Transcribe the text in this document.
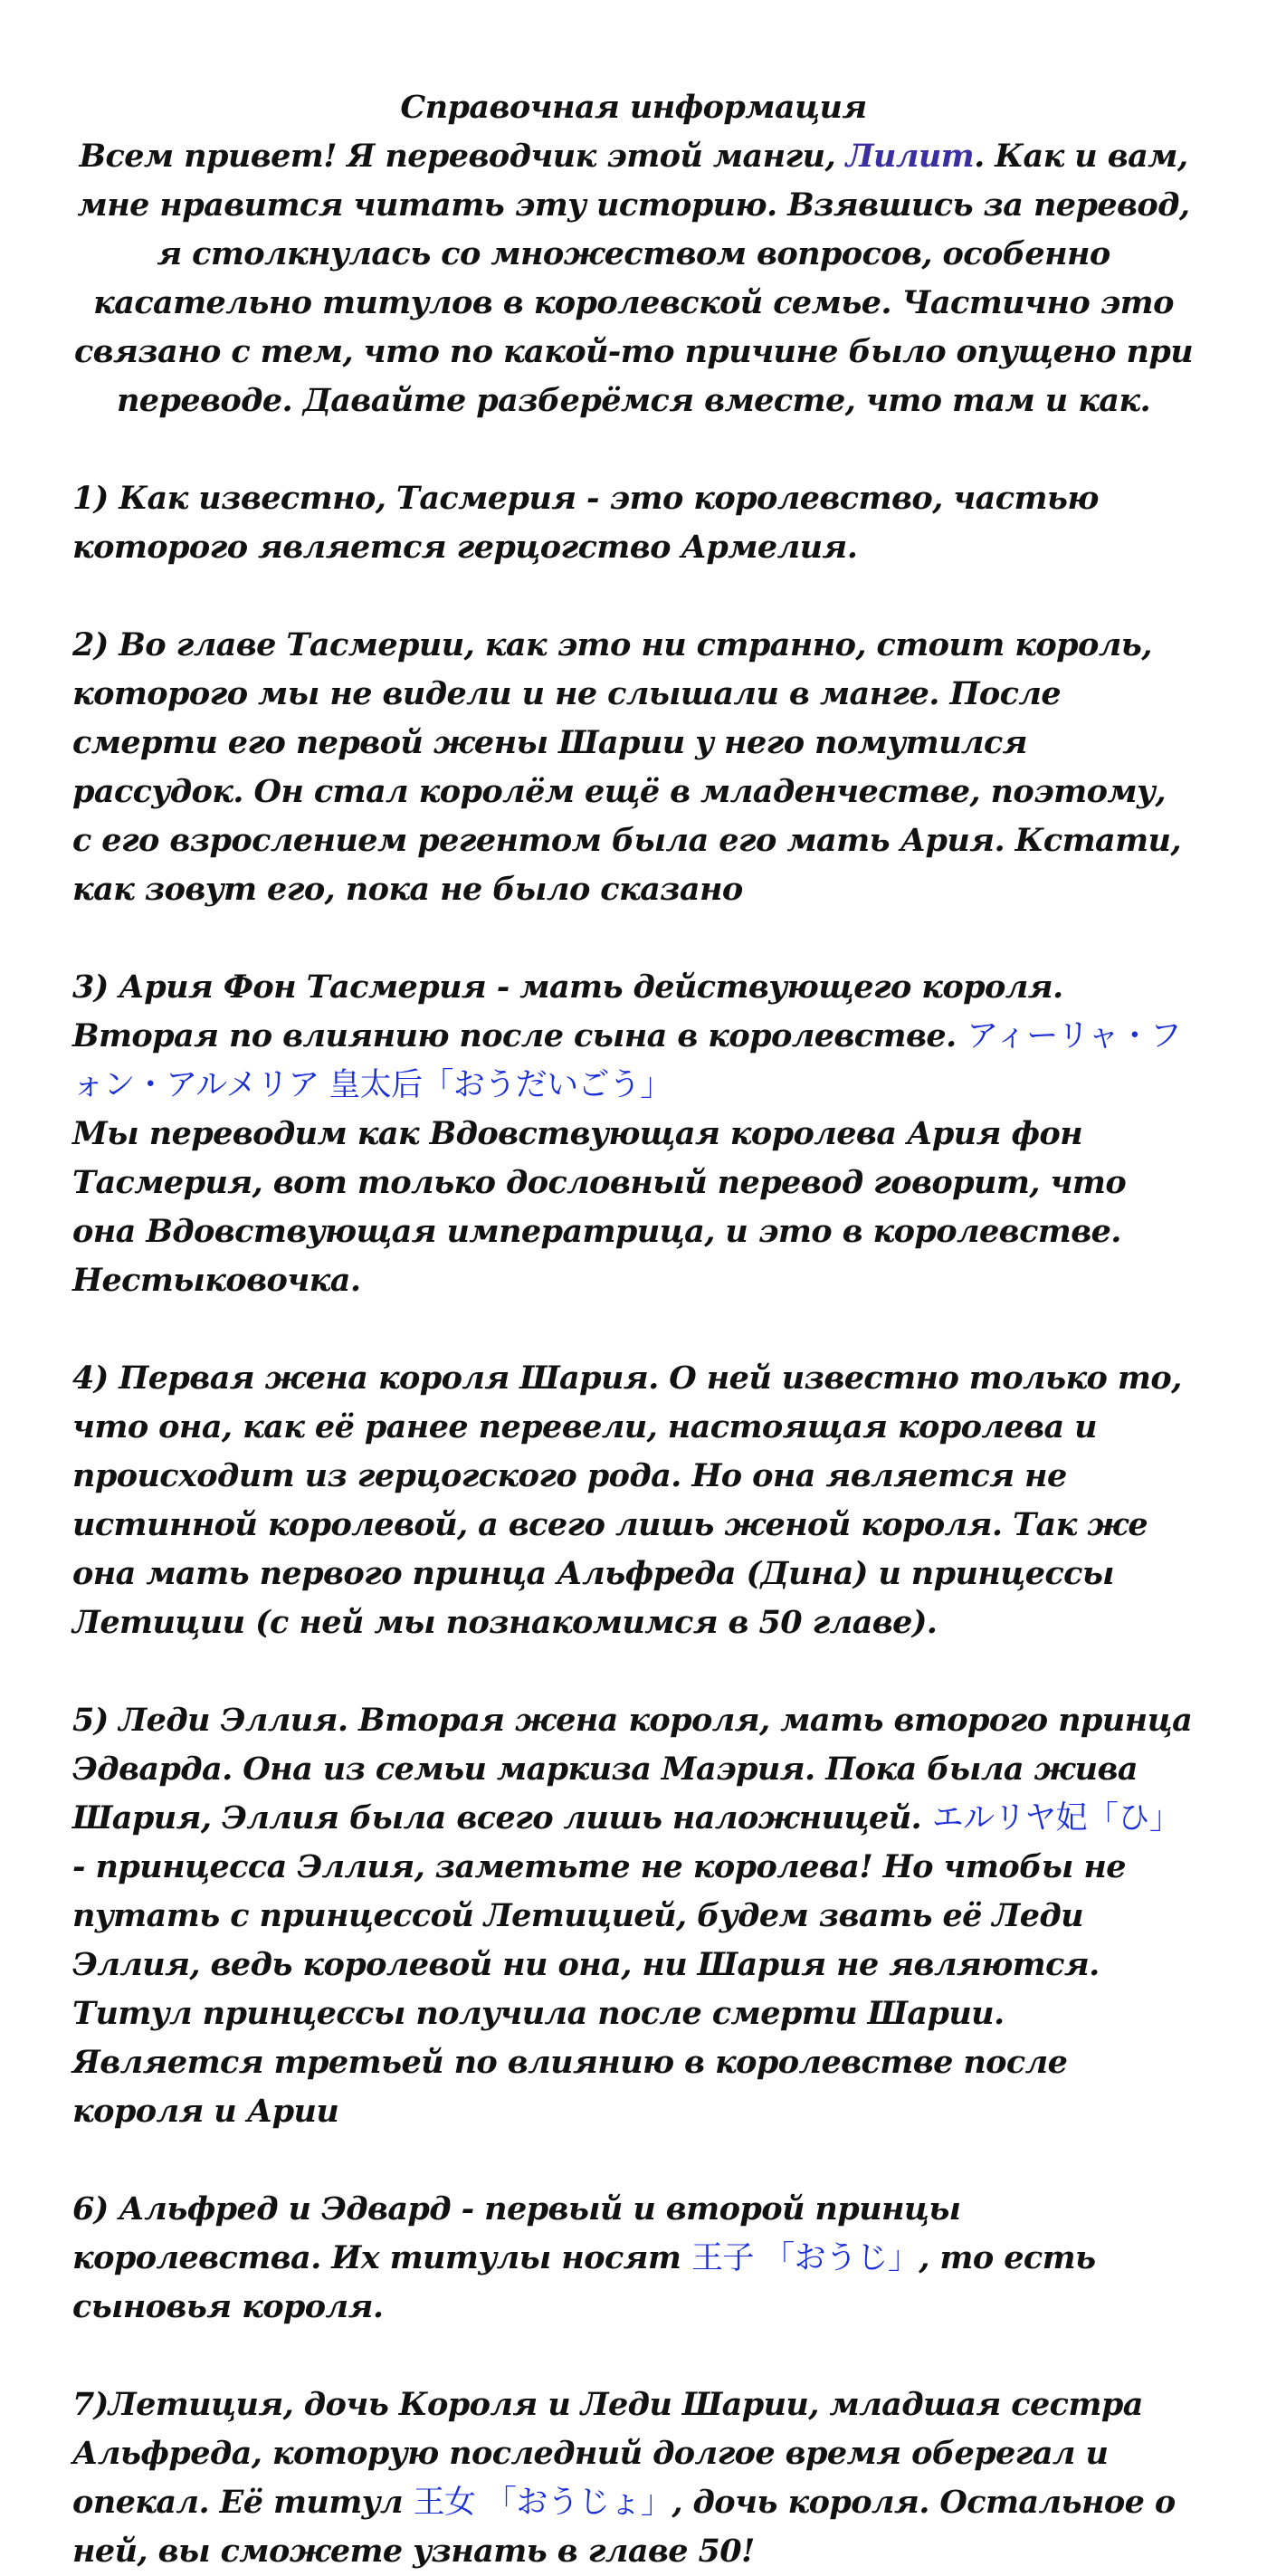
Справочная информация
Всем привет! Я переводчик этой манги, Лилит. Как и вам, мне нравится читать эту историю. Взявшись за перевод, я столкнулась со множеством вопросов, особенно касательно титулов в королевской семье. Частично это связано с тем, что по какой-то причине было опущено при переводе. Давайте разберёмся вместе, что там и как.

1) Как известно, Тасмерия - это королевство, частью которого является герцогство Армелия.

2) Во главе Тасмерии, как это ни странно, стоит король, которого мы не видели и не слышали в манге. После смерти его первой жены Шарии у него помутился рассудок. Он стал королём ещё в младенчестве, поэтому, с его взрослением регентом была его мать Ария. Кстати, как зовут его, пока не было сказано

3) Ария Фон Тасмерия - мать действующего короля. Вторая по влиянию после сына в королевстве. アィーリャ・フォン・アルメリア 皇太后「おうだいごう」
Мы переводим как Вдовствующая королева Ария фон Тасмерия, вот только дословный перевод говорит, что она Вдовствующая императрица, и это в королевстве. Нестыковочка.

4) Первая жена короля Шария. О ней известно только то, что она, как её ранее перевели, настоящая королева и происходит из герцогского рода. Но она является не истинной королевой, а всего лишь женой короля. Так же она мать первого принца Альфреда (Дина) и принцессы Летиции (с ней мы познакомимся в 50 главе).

5) Леди Эллия. Вторая жена короля, мать второго принца Эдварда. Она из семьи маркиза Маэрия. Пока была жива Шария, Эллия была всего лишь наложницей. エルリヤ妃「ひ」 - принцесса Эллия, заметьте не королева! Но чтобы не путать с принцессой Летицией, будем звать её Леди Эллия, ведь королевой ни она, ни Шария не являются. Титул принцессы получила после смерти Шарии. Является третьей по влиянию в королевстве после короля и Арии

6) Альфред и Эдвард - первый и второй принцы королевства. Их титулы носят 王子 「おうじ」, то есть сыновья короля.

7)Летиция, дочь Короля и Леди Шарии, младшая сестра Альфреда, которую последний долгое время оберегал и опекал. Её титул 王女 「おうじょ」, дочь короля. Остальное о ней, вы сможете узнать в главе 50!
